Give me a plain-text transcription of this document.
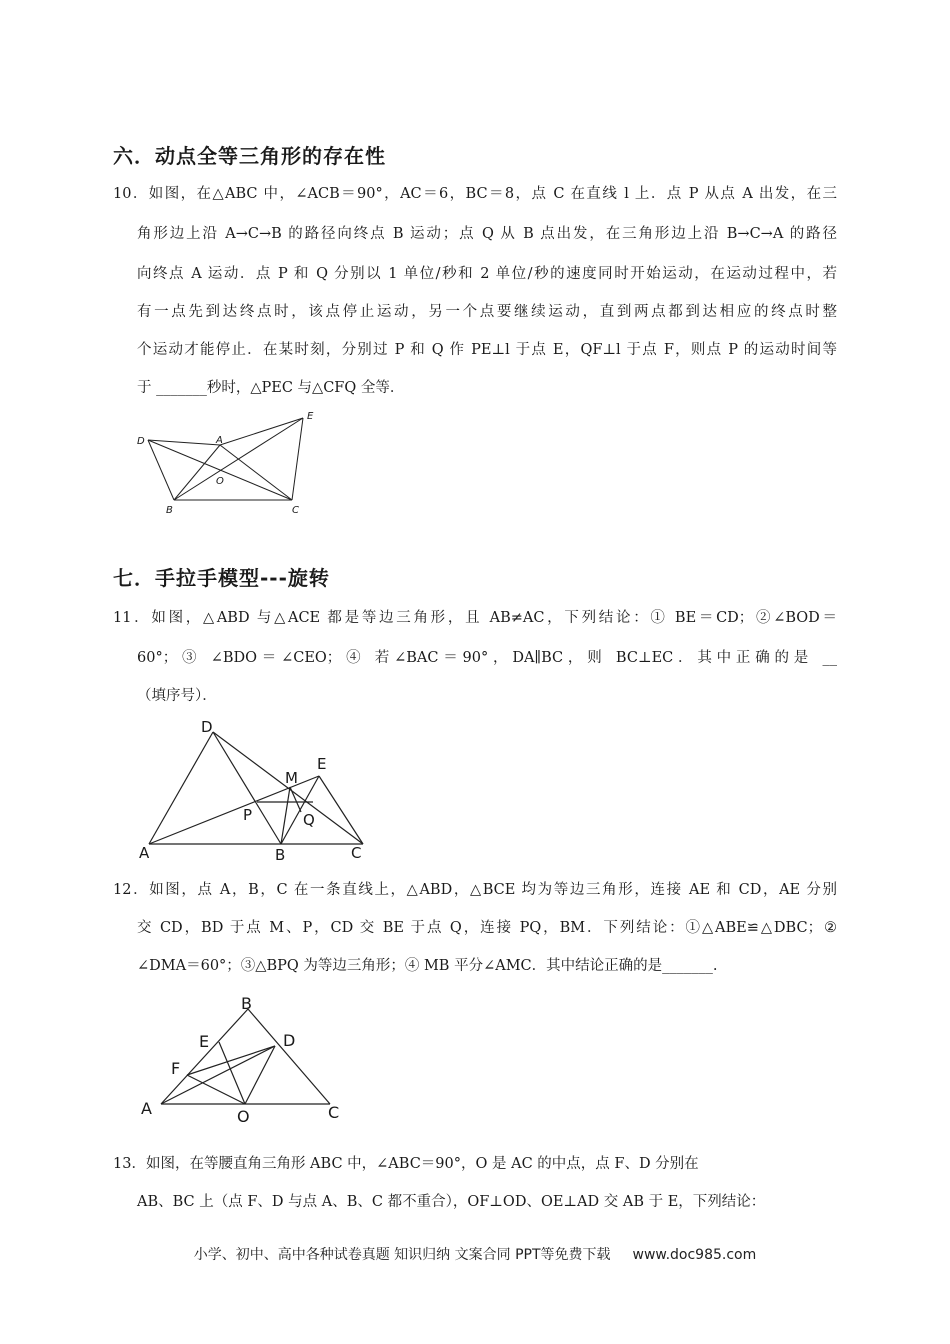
六．动点全等三角形的存在性
10．如图，在△ABC 中，∠ACB＝90°，AC＝6，BC＝8，点 C 在直线 l 上．点 P 从点 A 出发，在三
角形边上沿 A→C→B 的路径向终点 B 运动；点 Q 从 B 点出发，在三角形边上沿 B→C→A 的路径
向终点 A 运动．点 P 和 Q 分别以 1 单位/秒和 2 单位/秒的速度同时开始运动，在运动过程中，若
有一点先到达终点时，该点停止运动，另一个点要继续运动，直到两点都到达相应的终点时整
个运动才能停止．在某时刻，分别过 P 和 Q 作 PE⊥l 于点 E，QF⊥l 于点 F，则点 P 的运动时间等
于 _______秒时，△PEC 与△CFQ 全等．
D	A
E
O
B	C
七．手拉手模型---旋转
11．如图，△ABD 与△ACE 都是等边三角形，且 AB≠AC，下列结论：① BE＝CD；②∠BOD＝
60°；③ ∠BDO＝∠CEO；④ 若∠BAC＝90°，DA∥BC，则 BC⊥EC．其中正确的是 __
（填序号）．
D
M
E
P	Q
A	B	C
12．如图，点 A，B，C 在一条直线上，△ABD，△BCE 均为等边三角形，连接 AE 和 CD，AE 分别
交 CD，BD 于点 M、P，CD 交 BE 于点 Q，连接 PQ，BM．下列结论：①△ABE≌△DBC；②
∠DMA＝60°；③△BPQ 为等边三角形；④ MB 平分∠AMC．其中结论正确的是_______.
B
E	D
F
A	O	C
13．如图，在等腰直角三角形 ABC 中，∠ABC＝90°，O 是 AC 的中点，点 F、D 分别在
AB、BC 上（点 F、D 与点 A、B、C 都不重合），OF⊥OD、OE⊥AD 交 AB 于 E，下列结论：
小学、初中、高中各种试卷真题 知识归纳 文案合同 PPT等免费下载 www.doc985.com
